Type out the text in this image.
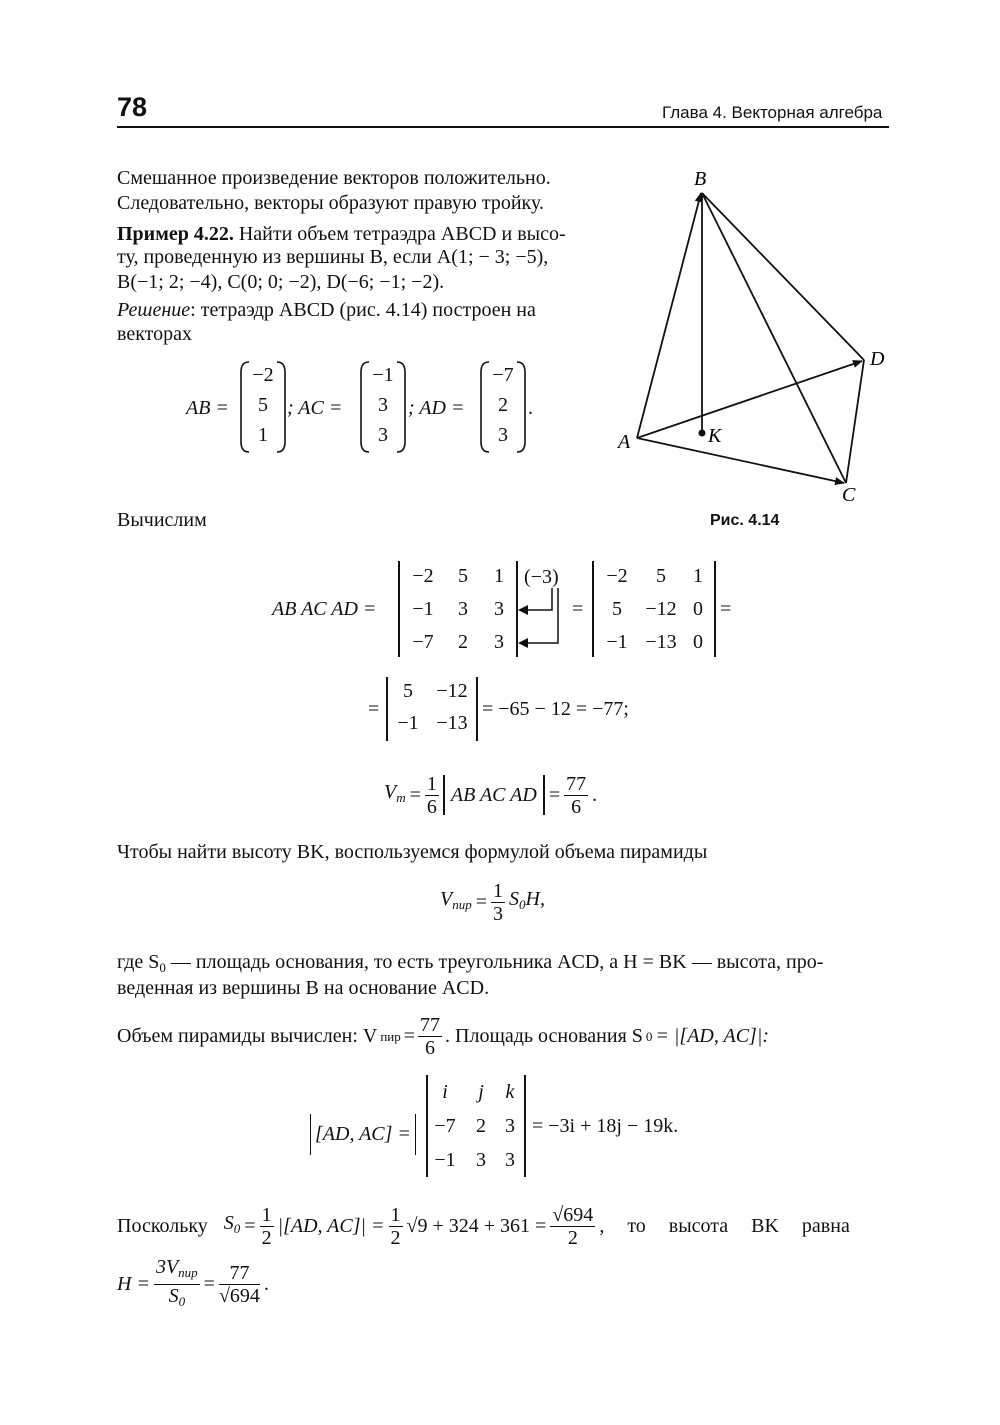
78	Глава 4. Векторная алгебра
Смешанное произведение векторов положительно.
Следовательно, векторы образуют правую тройку.
Пример 4.22. Найти объем тетраэдра ABCD и высо-
ту, проведенную из вершины B, если A(1; − 3; −5),
B(−1; 2; −4), C(0; 0; −2), D(−6; −1; −2).
Решение: тетраэдр ABCD (рис. 4.14) построен на
векторах
AB =
−2
5
1
; AC =
−1
3
3
; AD =
−7
2
3
.
B
D
A	K
C
Рис. 4.14
Вычислим
AB AC AD =
−2	5	1
−1	3	3
−7	2	3
(−3)
=
−2	5	1
5	−12 0
−1 −13 0
=
=
5	−12
−1 −13
= −65 − 12 = −77;
$V_т = \frac{1}{6}$ AB AC AD = $\frac{77}{6}$ .
Чтобы найти высоту BK, воспользуемся формулой объема пирамиды
$V_{пир} = \frac{1}{3} S_0H$,
где $S_0$ — площадь основания, то есть треугольника ACD, а H = BK — высота, про-
веденная из вершины B на основание ACD.
Объем пирамиды вычислен: V пир = $\frac{77}{6}$ . Площадь основания S 0 = |[AD, AC]|:
[AD, AC] =
i	j	k
−7	2 3
−1	3 3
= −3i + 18j − 19k.
Поскольку $S_0 = \frac{1}{2} |[AD$, $AC]| = \frac{1}{2} √9 + 324 + 361 = \frac{√694}{2}$ , то высота BK равна
$H = \frac{3V_{пир}}{S_0} = \frac{77}{√694}$ .
